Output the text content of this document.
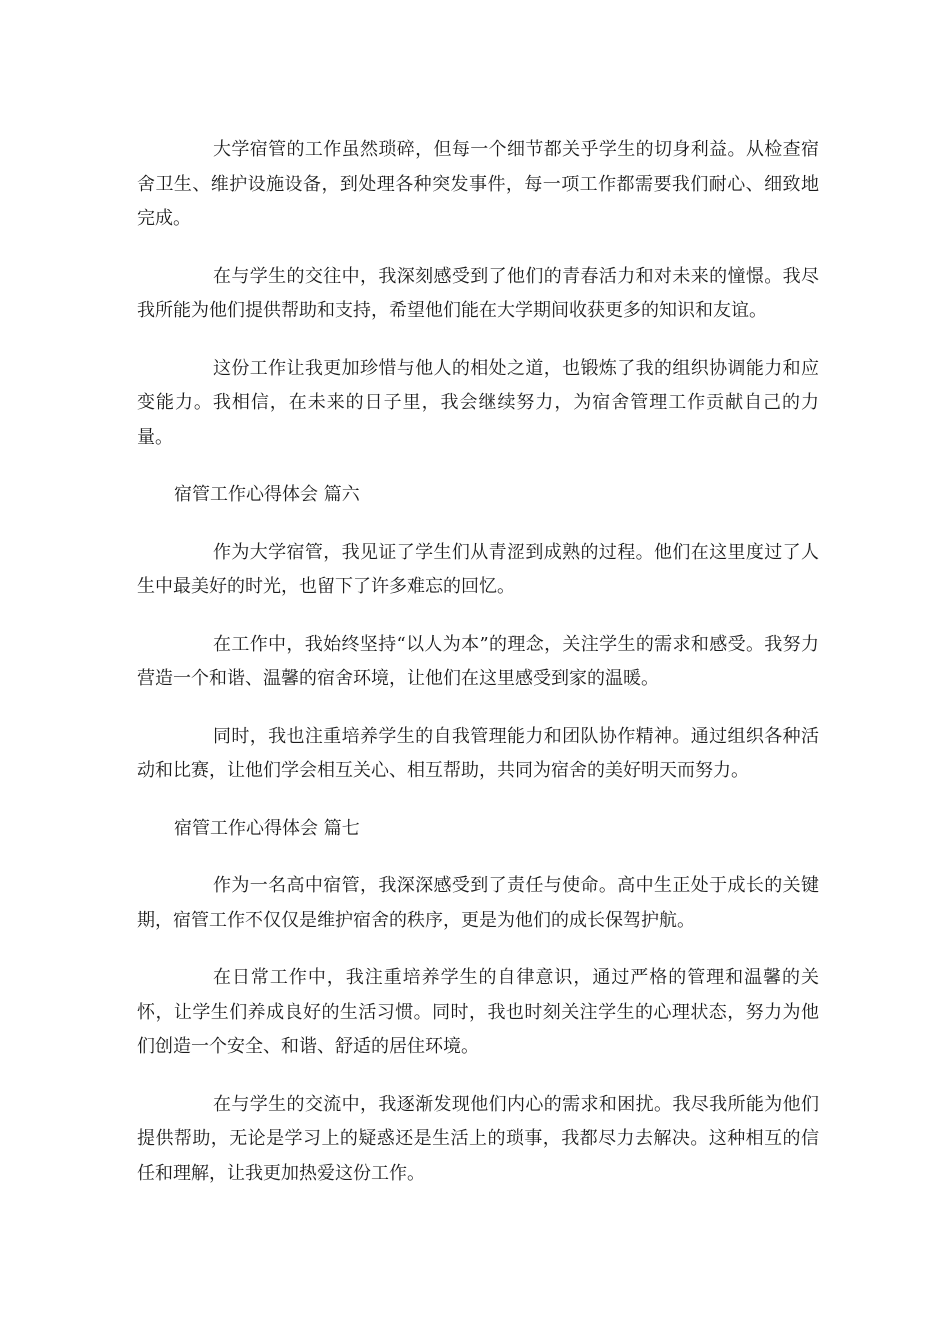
大学宿管的工作虽然琐碎，但每一个细节都关乎学生的切身利益。从检查宿舍卫生、维护设施设备，到处理各种突发事件，每一项工作都需要我们耐心、细致地完成。

在与学生的交往中，我深刻感受到了他们的青春活力和对未来的憧憬。我尽我所能为他们提供帮助和支持，希望他们能在大学期间收获更多的知识和友谊。

这份工作让我更加珍惜与他人的相处之道，也锻炼了我的组织协调能力和应变能力。我相信，在未来的日子里，我会继续努力，为宿舍管理工作贡献自己的力量。

宿管工作心得体会 篇六

作为大学宿管，我见证了学生们从青涩到成熟的过程。他们在这里度过了人生中最美好的时光，也留下了许多难忘的回忆。

在工作中，我始终坚持“以人为本”的理念，关注学生的需求和感受。我努力营造一个和谐、温馨的宿舍环境，让他们在这里感受到家的温暖。

同时，我也注重培养学生的自我管理能力和团队协作精神。通过组织各种活动和比赛，让他们学会相互关心、相互帮助，共同为宿舍的美好明天而努力。

宿管工作心得体会 篇七

作为一名高中宿管，我深深感受到了责任与使命。高中生正处于成长的关键期，宿管工作不仅仅是维护宿舍的秩序，更是为他们的成长保驾护航。

在日常工作中，我注重培养学生的自律意识，通过严格的管理和温馨的关怀，让学生们养成良好的生活习惯。同时，我也时刻关注学生的心理状态，努力为他们创造一个安全、和谐、舒适的居住环境。

在与学生的交流中，我逐渐发现他们内心的需求和困扰。我尽我所能为他们提供帮助，无论是学习上的疑惑还是生活上的琐事，我都尽力去解决。这种相互的信任和理解，让我更加热爱这份工作。
